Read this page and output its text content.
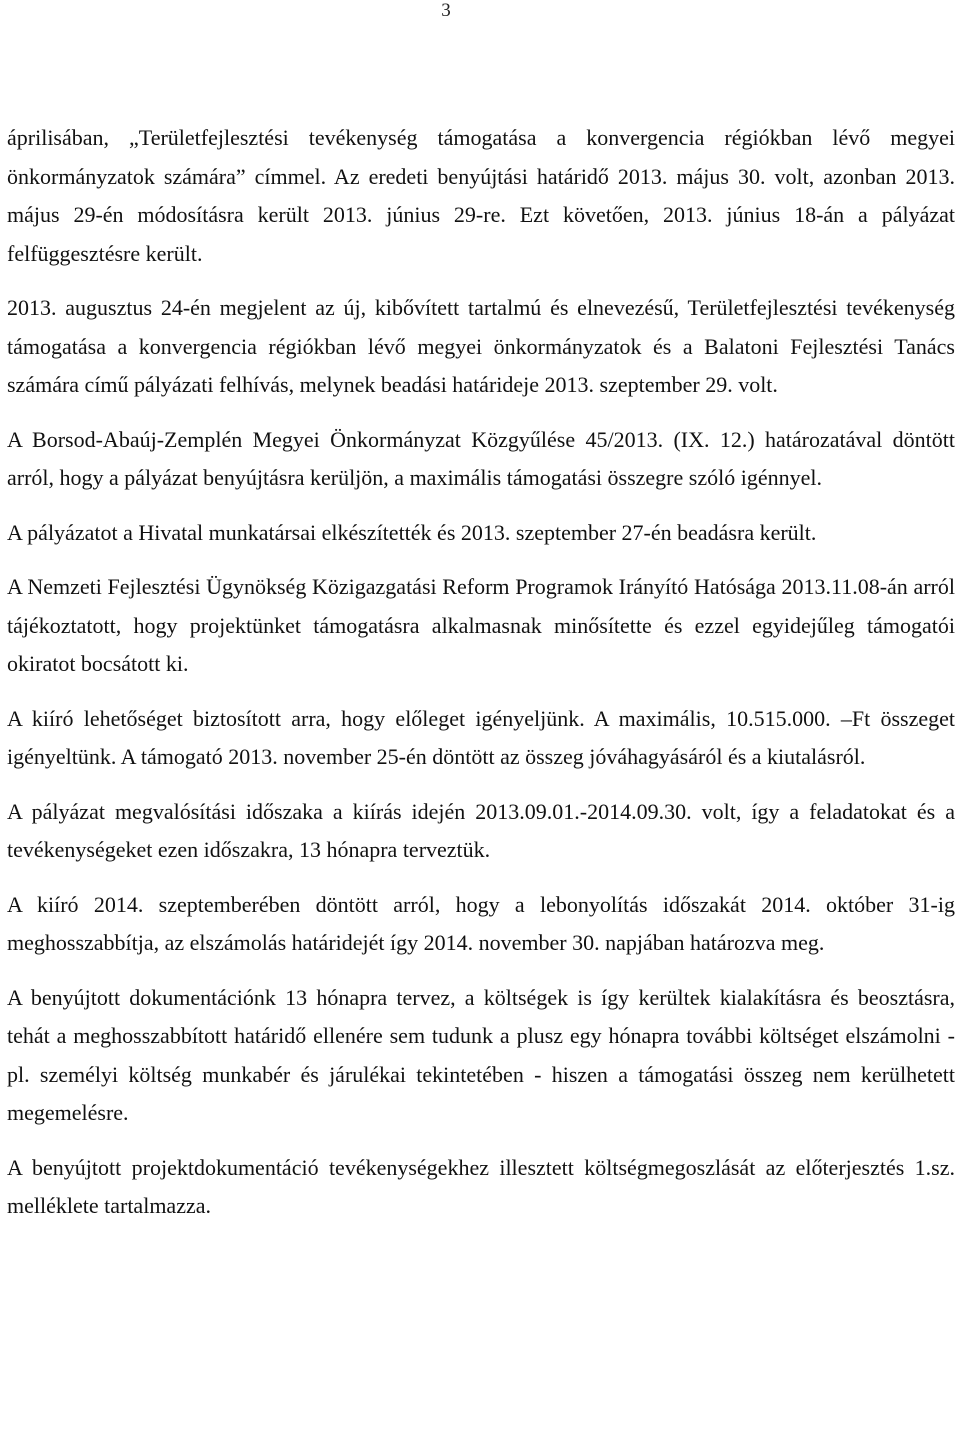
3

áprilisában, „Területfejlesztési tevékenység támogatása a konvergencia régiókban lévő megyei önkormányzatok számára” címmel. Az eredeti benyújtási határidő 2013. május 30. volt, azonban 2013. május 29-én módosításra került 2013. június 29-re. Ezt követően, 2013. június 18-án a pályázat felfüggesztésre került.

2013. augusztus 24-én megjelent az új, kibővített tartalmú és elnevezésű, Területfejlesztési tevékenység támogatása a konvergencia régiókban lévő megyei önkormányzatok és a Balatoni Fejlesztési Tanács számára című pályázati felhívás, melynek beadási határideje 2013. szeptember 29. volt.

A Borsod-Abaúj-Zemplén Megyei Önkormányzat Közgyűlése 45/2013. (IX. 12.) határozatával döntött arról, hogy a pályázat benyújtásra kerüljön, a maximális támogatási összegre szóló igénnyel.

A pályázatot a Hivatal munkatársai elkészítették és 2013. szeptember 27-én beadásra került.

A Nemzeti Fejlesztési Ügynökség Közigazgatási Reform Programok Irányító Hatósága 2013.11.08-án arról tájékoztatott, hogy projektünket támogatásra alkalmasnak minősítette és ezzel egyidejűleg támogatói okiratot bocsátott ki.

A kiíró lehetőséget biztosított arra, hogy előleget igényeljünk. A maximális, 10.515.000. –Ft összeget igényeltünk. A támogató 2013. november 25-én döntött az összeg jóváhagyásáról és a kiutalásról.

A pályázat megvalósítási időszaka a kiírás idején 2013.09.01.-2014.09.30. volt, így a feladatokat és a tevékenységeket ezen időszakra, 13 hónapra terveztük.

A kiíró 2014. szeptemberében döntött arról, hogy a lebonyolítás időszakát 2014. október 31-ig meghosszabbítja, az elszámolás határidejét így 2014. november 30. napjában határozva meg.

A benyújtott dokumentációnk 13 hónapra tervez, a költségek is így kerültek kialakításra és beosztásra, tehát a meghosszabbított határidő ellenére sem tudunk a plusz egy hónapra további költséget elszámolni - pl. személyi költség munkabér és járulékai tekintetében - hiszen a támogatási összeg nem kerülhetett megemelésre.

A benyújtott projektdokumentáció tevékenységekhez illesztett költségmegoszlását az előterjesztés 1.sz. melléklete tartalmazza.
